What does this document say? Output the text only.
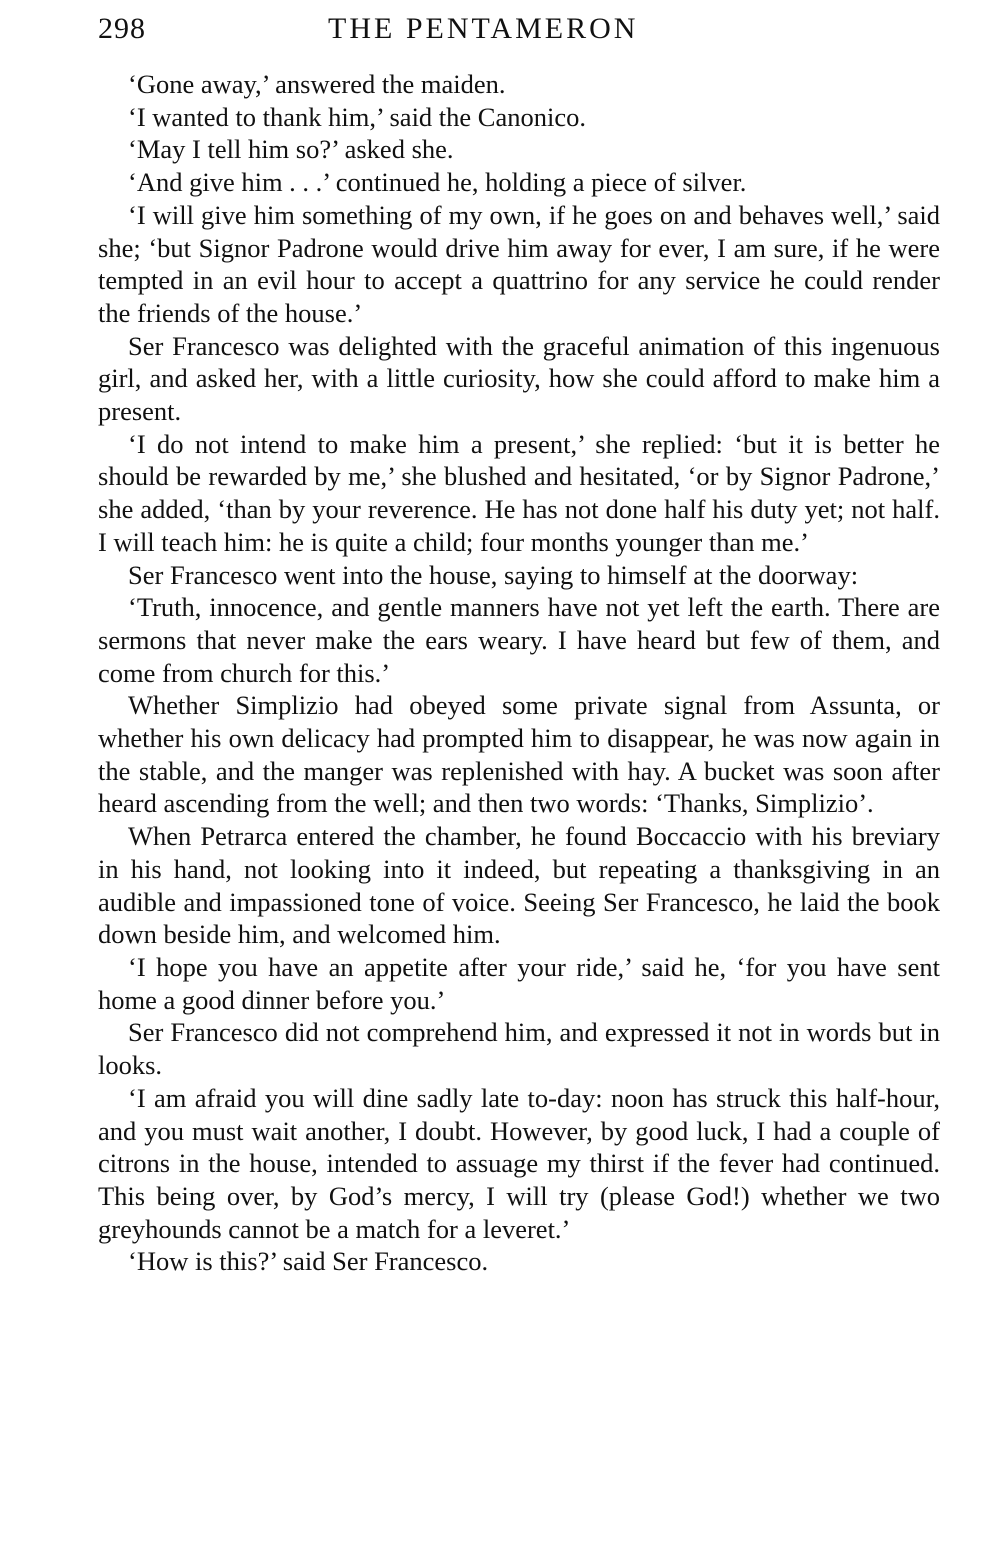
298	THE PENTAMERON

‘Gone away,’ answered the maiden.

‘I wanted to thank him,’ said the Canonico.

‘May I tell him so?’ asked she.

‘And give him . . .’ continued he, holding a piece of silver.

‘I will give him something of my own, if he goes on and behaves well,’ said she; ‘but Signor Padrone would drive him away for ever, I am sure, if he were tempted in an evil hour to accept a quattrino for any service he could render the friends of the house.’

Ser Francesco was delighted with the graceful animation of this ingenuous girl, and asked her, with a little curiosity, how she could afford to make him a present.

‘I do not intend to make him a present,’ she replied: ‘but it is better he should be rewarded by me,’ she blushed and hesitated, ‘or by Signor Padrone,’ she added, ‘than by your reverence. He has not done half his duty yet; not half. I will teach him: he is quite a child; four months younger than me.’

Ser Francesco went into the house, saying to himself at the doorway:

‘Truth, innocence, and gentle manners have not yet left the earth. There are sermons that never make the ears weary. I have heard but few of them, and come from church for this.’

Whether Simplizio had obeyed some private signal from Assunta, or whether his own delicacy had prompted him to disappear, he was now again in the stable, and the manger was replenished with hay. A bucket was soon after heard ascending from the well; and then two words: ‘Thanks, Simplizio’.

When Petrarca entered the chamber, he found Boccaccio with his breviary in his hand, not looking into it indeed, but repeating a thanksgiving in an audible and impassioned tone of voice. Seeing Ser Francesco, he laid the book down beside him, and welcomed him.

‘I hope you have an appetite after your ride,’ said he, ‘for you have sent home a good dinner before you.’

Ser Francesco did not comprehend him, and expressed it not in words but in looks.

‘I am afraid you will dine sadly late to-day: noon has struck this half-hour, and you must wait another, I doubt. However, by good luck, I had a couple of citrons in the house, intended to assuage my thirst if the fever had continued. This being over, by God’s mercy, I will try (please God!) whether we two greyhounds cannot be a match for a leveret.’

‘How is this?’ said Ser Francesco.
